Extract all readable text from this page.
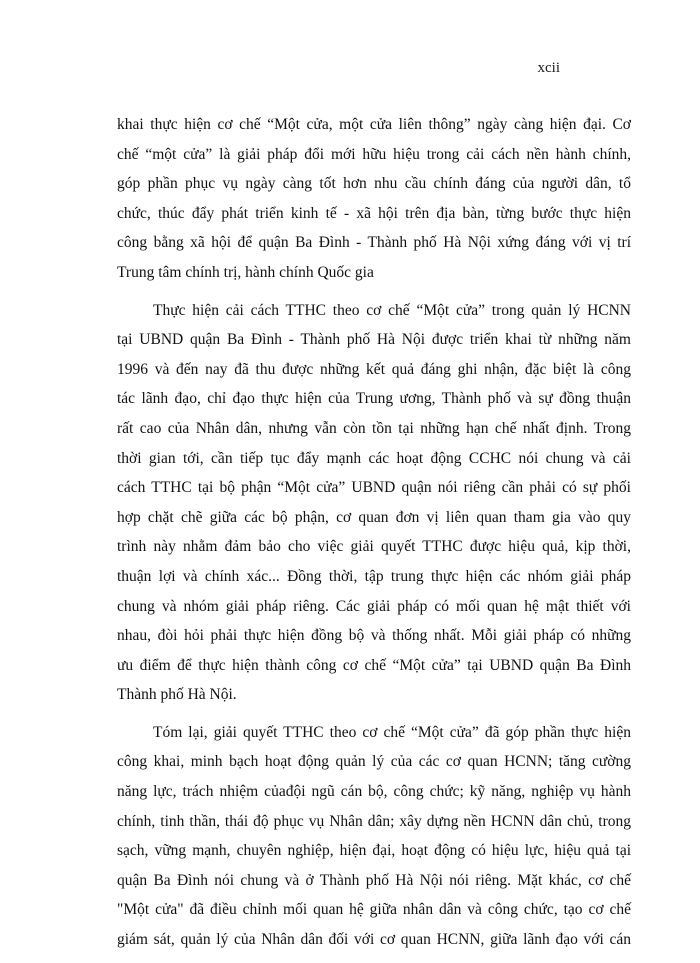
xcii

khai thực hiện cơ chế “Một cửa, một cửa liên thông” ngày càng hiện đại. Cơ
chế “một cửa” là giải pháp đổi mới hữu hiệu trong cải cách nền hành chính,
góp phần phục vụ ngày càng tốt hơn nhu cầu chính đáng của người dân, tổ
chức, thúc đẩy phát triển kinh tế - xã hội trên địa bàn, từng bước thực hiện
công bằng xã hội để quận Ba Đình - Thành phố Hà Nội xứng đáng với vị trí
Trung tâm chính trị, hành chính Quốc gia

Thực hiện cải cách TTHC theo cơ chế “Một cửa” trong quản lý HCNN
tại UBND quận Ba Đình - Thành phố Hà Nội được triển khai từ những năm
1996 và đến nay đã thu được những kết quả đáng ghi nhận, đặc biệt là công
tác lãnh đạo, chỉ đạo thực hiện của Trung ương, Thành phố và sự đồng thuận
rất cao của Nhân dân, nhưng vẫn còn tồn tại những hạn chế nhất định. Trong
thời gian tới, cần tiếp tục đẩy mạnh các hoạt động CCHC nói chung và cải
cách TTHC tại bộ phận “Một cửa” UBND quận nói riêng cần phải có sự phối
hợp chặt chẽ giữa các bộ phận, cơ quan đơn vị liên quan tham gia vào quy
trình này nhằm đảm bảo cho việc giải quyết TTHC được hiệu quả, kịp thời,
thuận lợi và chính xác... Đồng thời, tập trung thực hiện các nhóm giải pháp
chung và nhóm giải pháp riêng. Các giải pháp có mối quan hệ mật thiết với
nhau, đòi hỏi phải thực hiện đồng bộ và thống nhất. Mỗi giải pháp có những
ưu điểm để thực hiện thành công cơ chế “Một cửa” tại UBND quận Ba Đình
Thành phố Hà Nội.

Tóm lại, giải quyết TTHC theo cơ chế “Một cửa” đã góp phần thực hiện
công khai, minh bạch hoạt động quản lý của các cơ quan HCNN; tăng cường
năng lực, trách nhiệm củađội ngũ cán bộ, công chức; kỹ năng, nghiệp vụ hành
chính, tinh thần, thái độ phục vụ Nhân dân; xây dựng nền HCNN dân chủ, trong
sạch, vững mạnh, chuyên nghiệp, hiện đại, hoạt động có hiệu lực, hiệu quả tại
quận Ba Đình nói chung và ở Thành phố Hà Nội nói riêng. Mặt khác, cơ chế
"Một cửa" đã điều chỉnh mối quan hệ giữa nhân dân và công chức, tạo cơ chế
giám sát, quản lý của Nhân dân đối với cơ quan HCNN, giữa lãnh đạo với cán
